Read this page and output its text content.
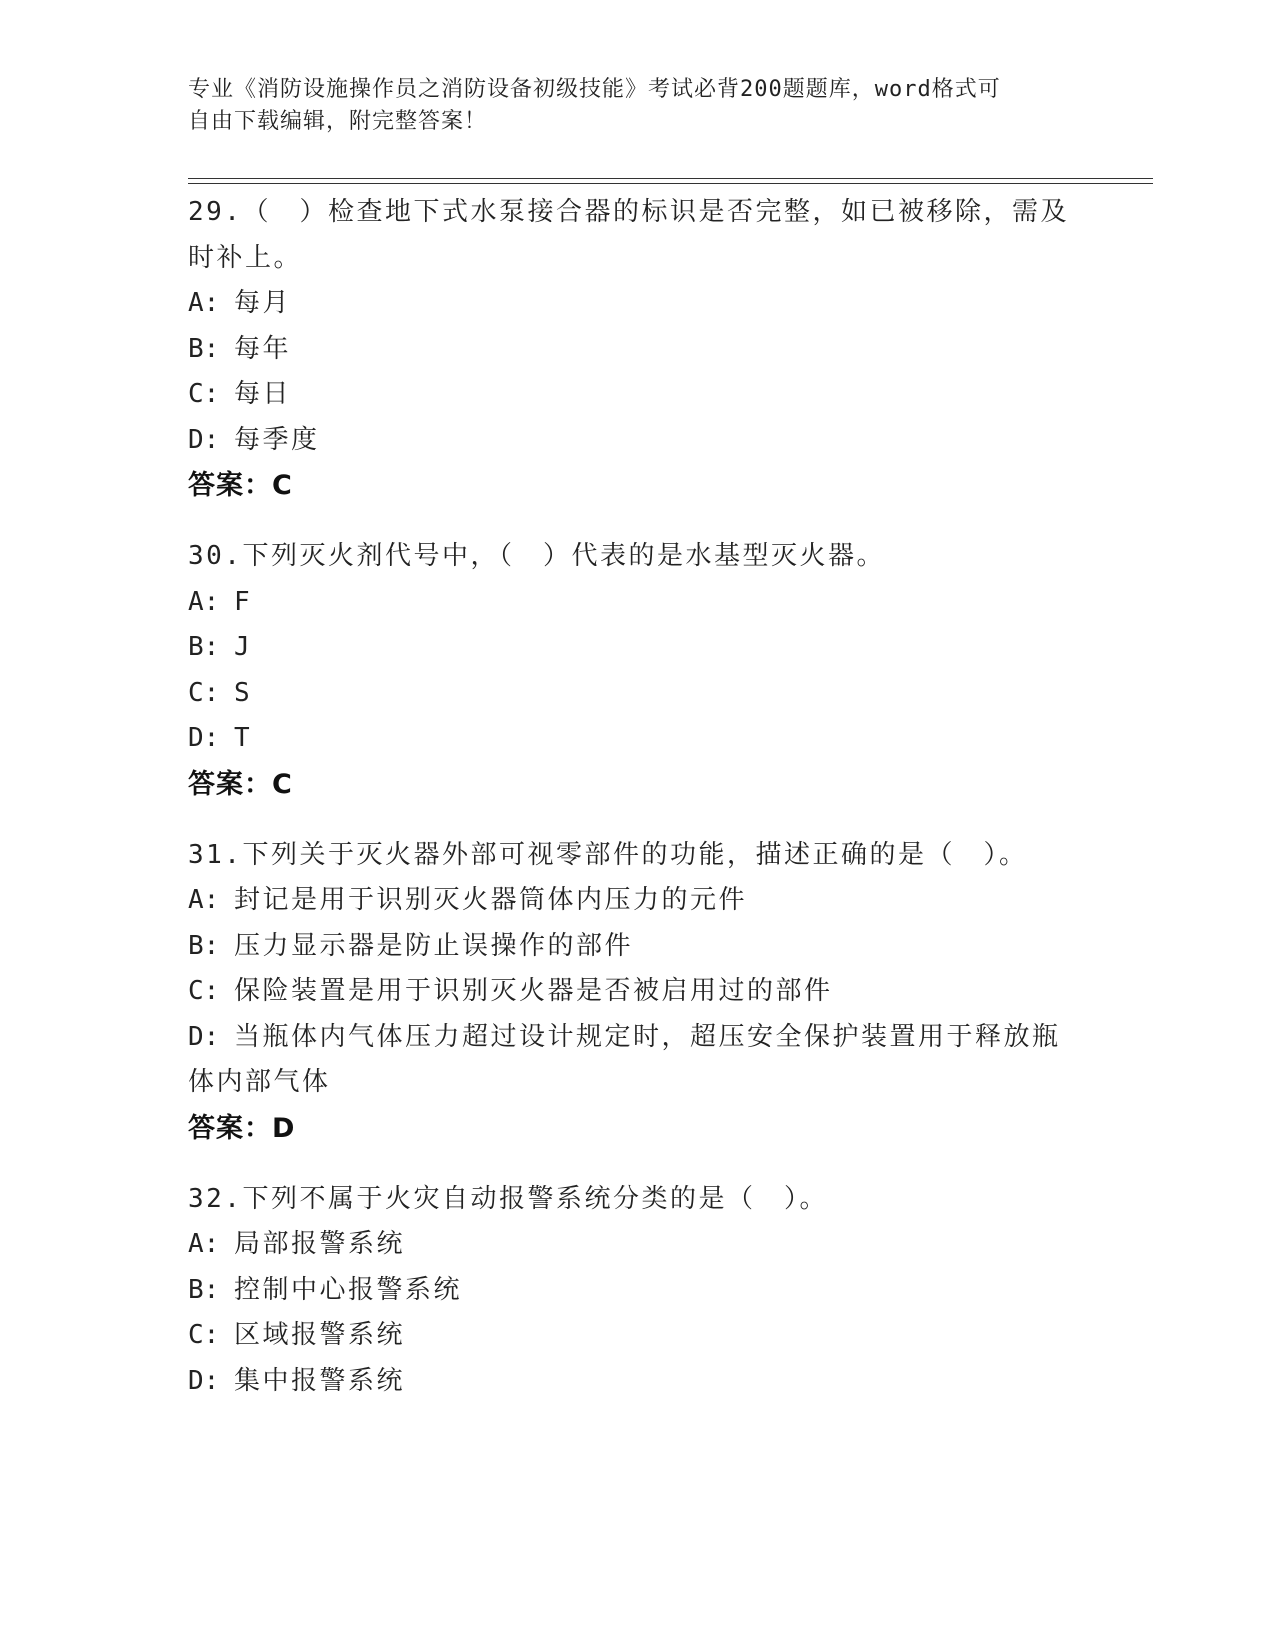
专业《消防设施操作员之消防设备初级技能》考试必背200题题库，word格式可
自由下载编辑，附完整答案！
29.（　）检查地下式水泵接合器的标识是否完整，如已被移除，需及时补上。
A: 每月
B: 每年
C: 每日
D: 每季度
答案：C
30.下列灭火剂代号中，（　）代表的是水基型灭火器。
A: F
B: J
C: S
D: T
答案：C
31.下列关于灭火器外部可视零部件的功能，描述正确的是（　）。
A: 封记是用于识别灭火器筒体内压力的元件
B: 压力显示器是防止误操作的部件
C: 保险装置是用于识别灭火器是否被启用过的部件
D: 当瓶体内气体压力超过设计规定时，超压安全保护装置用于释放瓶体内部气体
答案：D
32.下列不属于火灾自动报警系统分类的是（　）。
A: 局部报警系统
B: 控制中心报警系统
C: 区域报警系统
D: 集中报警系统
